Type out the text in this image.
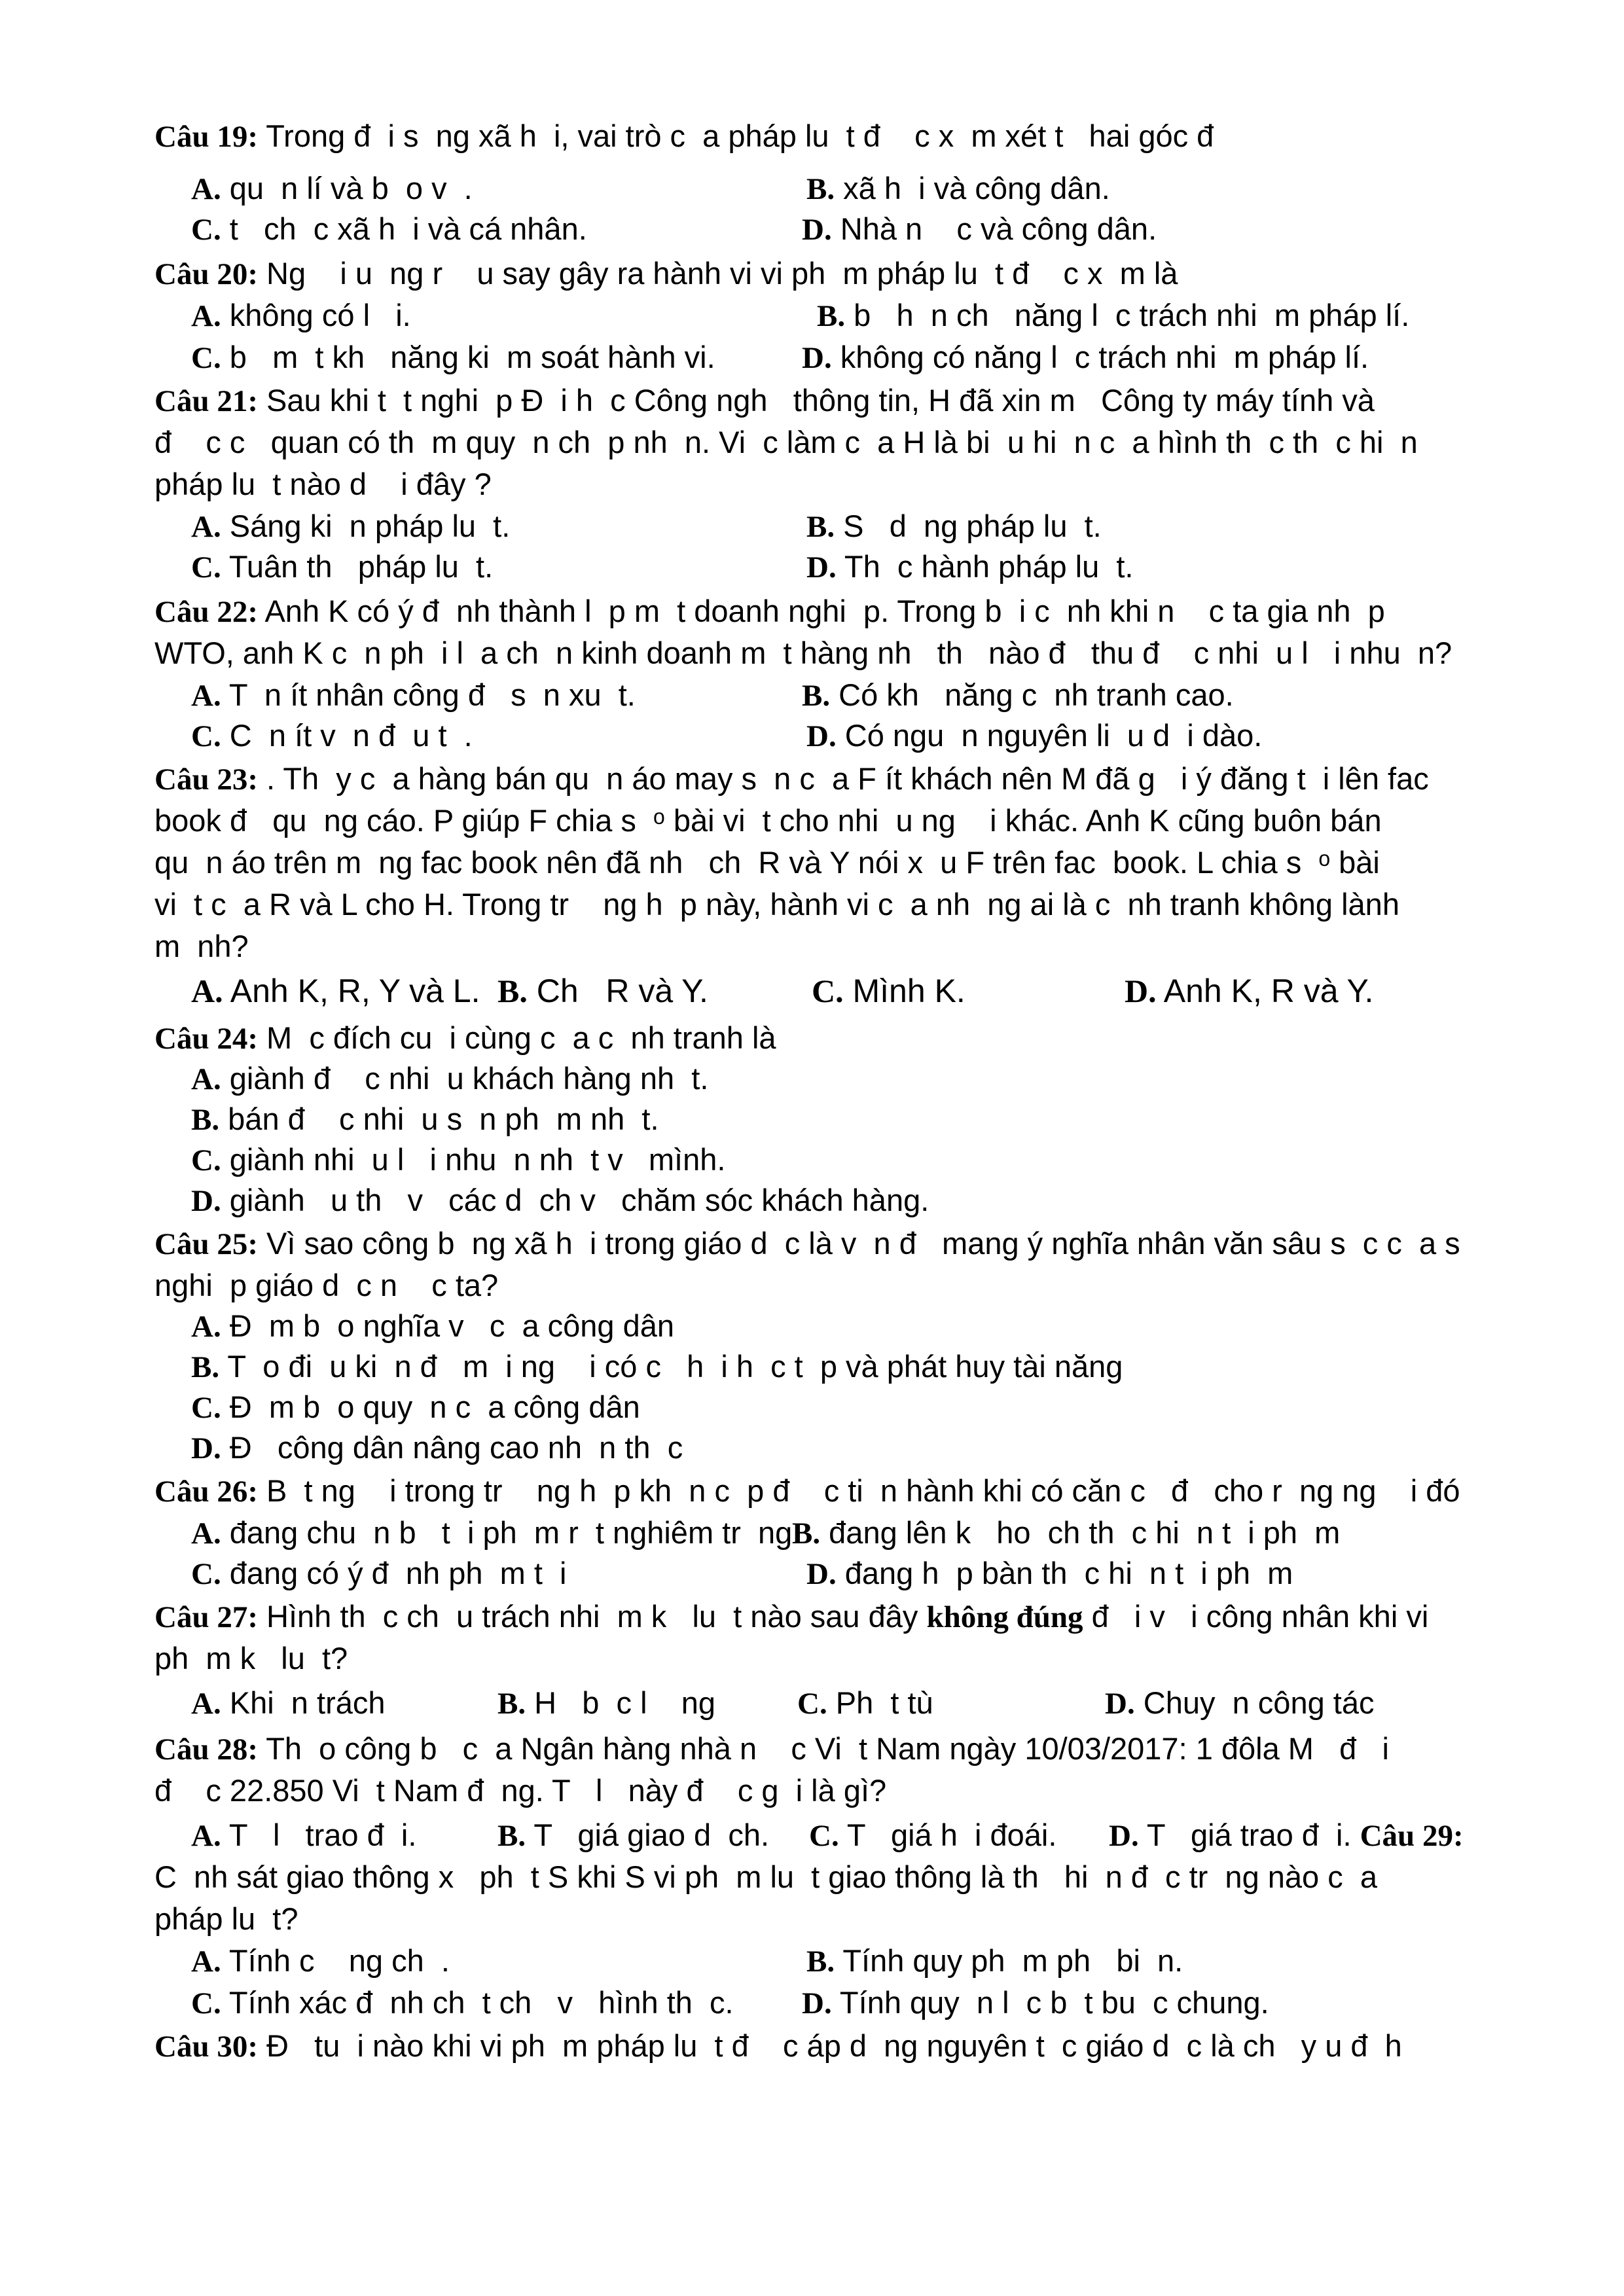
Câu 19: Trong đ  i s  ng xã h  i, vai trò c  a pháp lu  t đ    c x  m xét t   hai góc đ
A. qu  n lí và b  o v  .	B. xã h  i và công dân.
C. t   ch  c xã h  i và cá nhân.	D. Nhà n    c và công dân.
Câu 20: Ng    i u  ng r    u say gây ra hành vi vi ph  m pháp lu  t đ    c x  m là
A. không có l   i.	B. b   h  n ch   năng l  c trách nhi  m pháp lí.
C. b   m  t kh   năng ki  m soát hành vi.	D. không có năng l  c trách nhi  m pháp lí.
Câu 21: Sau khi t  t nghi  p Đ  i h  c Công ngh   thông tin, H đã xin m   Công ty máy tính và
đ    c c   quan có th  m quy  n ch  p nh  n. Vi  c làm c  a H là bi  u hi  n c  a hình th  c th  c hi  n
pháp lu  t nào d    i đây ?
A. Sáng ki  n pháp lu  t.	B. S   d  ng pháp lu  t.
C. Tuân th   pháp lu  t.	D. Th  c hành pháp lu  t.
Câu 22: Anh K có ý đ  nh thành l  p m  t doanh nghi  p. Trong b  i c  nh khi n    c ta gia nh  p
WTO, anh K c  n ph  i l  a ch  n kinh doanh m  t hàng nh   th   nào đ   thu đ    c nhi  u l   i nhu  n?
A. T  n ít nhân công đ   s  n xu  t.	B. Có kh   năng c  nh tranh cao.
C. C  n ít v  n đ  u t  .	D. Có ngu  n nguyên li  u d  i dào.
Câu 23: . Th  y c  a hàng bán qu  n áo may s  n c  a F ít khách nên M đã g   i ý đăng t  i lên fac
book đ   qu  ng cáo. P giúp F chia s  ᵒ bài vi  t cho nhi  u ng    i khác. Anh K cũng buôn bán
qu  n áo trên m  ng fac book nên đã nh   ch  R và Y nói x  u F trên fac  book. L chia s  ᵒ bài
vi  t c  a R và L cho H. Trong tr    ng h  p này, hành vi c  a nh  ng ai là c  nh tranh không lành
m  nh?
A. Anh K, R, Y và L. B. Ch   R và Y.	C. Mình K.	D. Anh K, R và Y.
Câu 24: M  c đích cu  i cùng c  a c  nh tranh là
A. giành đ    c nhi  u khách hàng nh  t.
B. bán đ    c nhi  u s  n ph  m nh  t.
C. giành nhi  u l   i nhu  n nh  t v   mình.
D. giành   u th   v   các d  ch v   chăm sóc khách hàng.
Câu 25: Vì sao công b  ng xã h  i trong giáo d  c là v  n đ   mang ý nghĩa nhân văn sâu s  c c  a s
nghi  p giáo d  c n    c ta?
A. Đ  m b  o nghĩa v   c  a công dân
B. T  o đi  u ki  n đ   m  i ng    i có c   h  i h  c t  p và phát huy tài năng
C. Đ  m b  o quy  n c  a công dân
D. Đ   công dân nâng cao nh  n th  c
Câu 26: B  t ng    i trong tr    ng h  p kh  n c  p đ    c ti  n hành khi có căn c   đ   cho r  ng ng    i đó
A. đang chu  n b   t  i ph  m r  t nghiêm tr  ng B. đang lên k   ho  ch th  c hi  n t  i ph  m
C. đang có ý đ  nh ph  m t  i	D. đang h  p bàn th  c hi  n t  i ph  m
Câu 27: Hình th  c ch  u trách nhi  m k   lu  t nào sau đây không đúng đ   i v   i công nhân khi vi
ph  m k   lu  t?
A. Khi  n trách	B. H   b  c l    ng	C. Ph  t tù	D. Chuy  n công tác
Câu 28: Th  o công b   c  a Ngân hàng nhà n    c Vi  t Nam ngày 10/03/2017: 1 đôla M   đ   i
đ    c 22.850 Vi  t Nam đ  ng. T   l   này đ    c g  i là gì?
A. T   l   trao đ  i.	B. T   giá giao d  ch. C. T   giá h  i đoái. D. T   giá trao đ  i. Câu 29:
C  nh sát giao thông x   ph  t S khi S vi ph  m lu  t giao thông là th   hi  n đ  c tr  ng nào c  a
pháp lu  t?
A. Tính c    ng ch  .	B. Tính quy ph  m ph   bi  n.
C. Tính xác đ  nh ch  t ch   v   hình th  c. D. Tính quy  n l  c b  t bu  c chung.
Câu 30: Đ   tu  i nào khi vi ph  m pháp lu  t đ    c áp d  ng nguyên t  c giáo d  c là ch   y u đ  h
